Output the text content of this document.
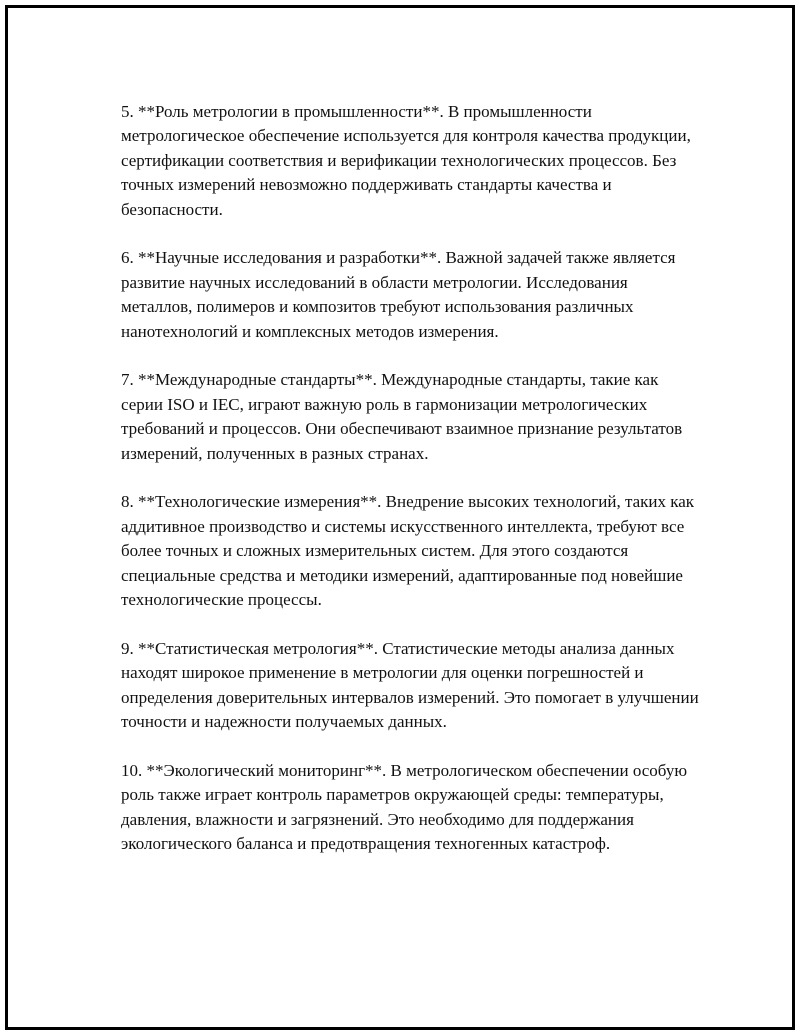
5. **Роль метрологии в промышленности**. В промышленности метрологическое обеспечение используется для контроля качества продукции, сертификации соответствия и верификации технологических процессов. Без точных измерений невозможно поддерживать стандарты качества и безопасности.

6. **Научные исследования и разработки**. Важной задачей также является развитие научных исследований в области метрологии. Исследования металлов, полимеров и композитов требуют использования различных нанотехнологий и комплексных методов измерения.

7. **Международные стандарты**. Международные стандарты, такие как серии ISO и IEC, играют важную роль в гармонизации метрологических требований и процессов. Они обеспечивают взаимное признание результатов измерений, полученных в разных странах.

8. **Технологические измерения**. Внедрение высоких технологий, таких как аддитивное производство и системы искусственного интеллекта, требуют все более точных и сложных измерительных систем. Для этого создаются специальные средства и методики измерений, адаптированные под новейшие технологические процессы.

9. **Статистическая метрология**. Статистические методы анализа данных находят широкое применение в метрологии для оценки погрешностей и определения доверительных интервалов измерений. Это помогает в улучшении точности и надежности получаемых данных.

10. **Экологический мониторинг**. В метрологическом обеспечении особую роль также играет контроль параметров окружающей среды: температуры, давления, влажности и загрязнений. Это необходимо для поддержания экологического баланса и предотвращения техногенных катастроф.
